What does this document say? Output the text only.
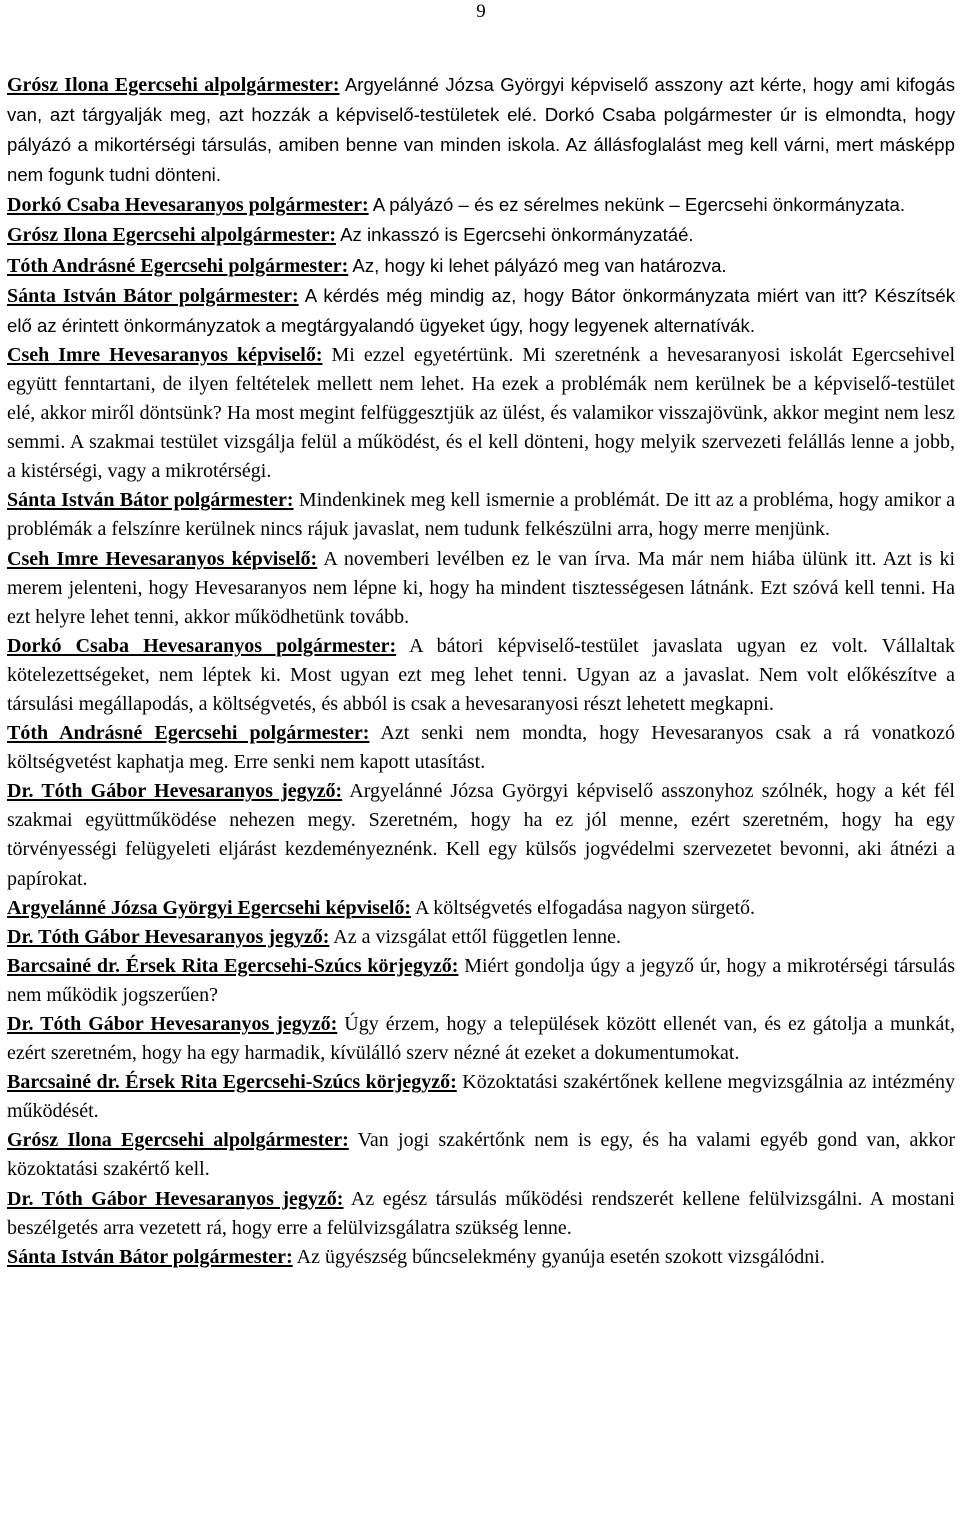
9

Grósz Ilona Egercsehi alpolgármester: Argyelánné Józsa Györgyi képviselő asszony azt kérte, hogy ami kifogás van, azt tárgyalják meg, azt hozzák a képviselő-testületek elé. Dorkó Csaba polgármester úr is elmondta, hogy pályázó a mikortérségi társulás, amiben benne van minden iskola. Az állásfoglalást meg kell várni, mert másképp nem fogunk tudni dönteni.

Dorkó Csaba Hevesaranyos polgármester: A pályázó – és ez sérelmes nekünk – Egercsehi önkormányzata.

Grósz Ilona Egercsehi alpolgármester: Az inkasszó is Egercsehi önkormányzatáé.

Tóth Andrásné Egercsehi polgármester: Az, hogy ki lehet pályázó meg van határozva.

Sánta István Bátor polgármester: A kérdés még mindig az, hogy Bátor önkormányzata miért van itt? Készítsék elő az érintett önkormányzatok a megtárgyalandó ügyeket úgy, hogy legyenek alternatívák.

Cseh Imre Hevesaranyos képviselő: Mi ezzel egyetértünk. Mi szeretnénk a hevesaranyosi iskolát Egercsehivel együtt fenntartani, de ilyen feltételek mellett nem lehet. Ha ezek a problémák nem kerülnek be a képviselő-testület elé, akkor miről döntsünk? Ha most megint felfüggesztjük az ülést, és valamikor visszajövünk, akkor megint nem lesz semmi. A szakmai testület vizsgálja felül a működést, és el kell dönteni, hogy melyik szervezeti felállás lenne a jobb, a kistérségi, vagy a mikrotérségi.

Sánta István Bátor polgármester: Mindenkinek meg kell ismernie a problémát. De itt az a probléma, hogy amikor a problémák a felszínre kerülnek nincs rájuk javaslat, nem tudunk felkészülni arra, hogy merre menjünk.

Cseh Imre Hevesaranyos képviselő: A novemberi levélben ez le van írva. Ma már nem hiába ülünk itt. Azt is ki merem jelenteni, hogy Hevesaranyos nem lépne ki, hogy ha mindent tisztességesen látnánk. Ezt szóvá kell tenni. Ha ezt helyre lehet tenni, akkor működhetünk tovább.

Dorkó Csaba Hevesaranyos polgármester: A bátori képviselő-testület javaslata ugyan ez volt. Vállaltak kötelezettségeket, nem léptek ki. Most ugyan ezt meg lehet tenni. Ugyan az a javaslat. Nem volt előkészítve a társulási megállapodás, a költségvetés, és abból is csak a hevesaranyosi részt lehetett megkapni.

Tóth Andrásné Egercsehi polgármester: Azt senki nem mondta, hogy Hevesaranyos csak a rá vonatkozó költségvetést kaphatja meg. Erre senki nem kapott utasítást.

Dr. Tóth Gábor Hevesaranyos jegyző: Argyelánné Józsa Györgyi képviselő asszonyhoz szólnék, hogy a két fél szakmai együttműködése nehezen megy. Szeretném, hogy ha ez jól menne, ezért szeretném, hogy ha egy törvényességi felügyeleti eljárást kezdeményeznénk. Kell egy külsős jogvédelmi szervezetet bevonni, aki átnézi a papírokat.

Argyelánné Józsa Györgyi Egercsehi képviselő: A költségvetés elfogadása nagyon sürgető.

Dr. Tóth Gábor Hevesaranyos jegyző: Az a vizsgálat ettől független lenne.

Barcsainé dr. Érsek Rita Egercsehi-Szúcs körjegyző: Miért gondolja úgy a jegyző úr, hogy a mikrotérségi társulás nem működik jogszerűen?

Dr. Tóth Gábor Hevesaranyos jegyző: Úgy érzem, hogy a települések között ellenét van, és ez gátolja a munkát, ezért szeretném, hogy ha egy harmadik, kívülálló szerv nézné át ezeket a dokumentumokat.

Barcsainé dr. Érsek Rita Egercsehi-Szúcs körjegyző: Közoktatási szakértőnek kellene megvizsgálnia az intézmény működését.

Grósz Ilona Egercsehi alpolgármester: Van jogi szakértőnk nem is egy, és ha valami egyéb gond van, akkor közoktatási szakértő kell.

Dr. Tóth Gábor Hevesaranyos jegyző: Az egész társulás működési rendszerét kellene felülvizsgálni. A mostani beszélgetés arra vezetett rá, hogy erre a felülvizsgálatra szükség lenne.

Sánta István Bátor polgármester: Az ügyészség bűncselekmény gyanúja esetén szokott vizsgálódni.
